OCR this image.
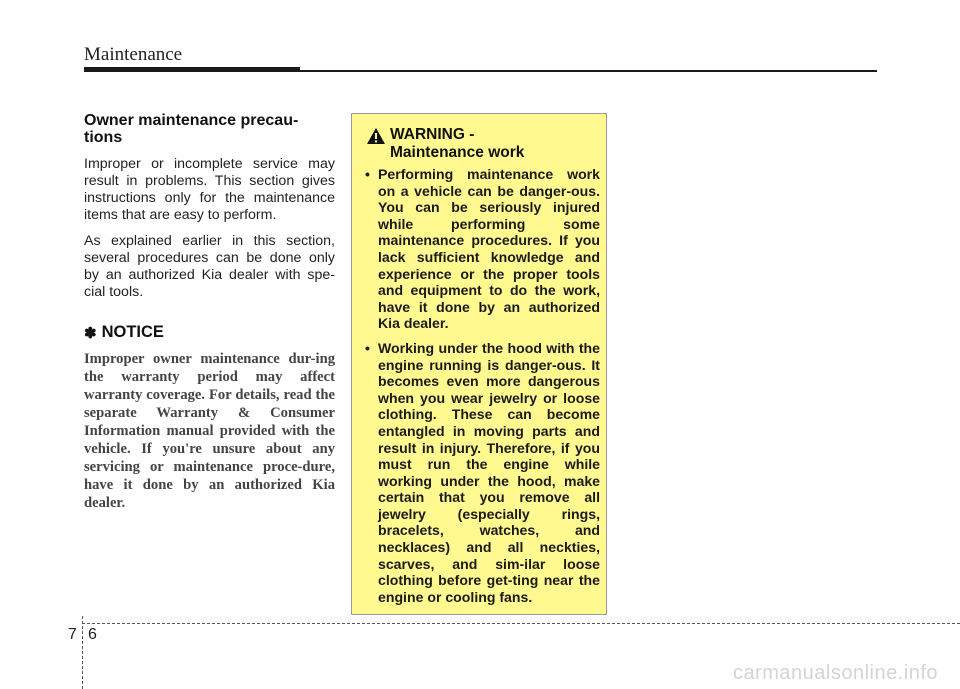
Maintenance
Owner maintenance precau-
tions

Improper or incomplete service may result in problems. This section gives instructions only for the maintenance items that are easy to perform.

As explained earlier in this section, several procedures can be done only by an authorized Kia dealer with spe-cial tools.

✽ NOTICE

Improper owner maintenance dur-ing the warranty period may affect warranty coverage. For details, read the separate Warranty & Consumer Information manual provided with the vehicle. If you're unsure about any servicing or maintenance proce-dure, have it done by an authorized Kia dealer.

WARNING -
Maintenance work
• Performing maintenance work on a vehicle can be danger-ous. You can be seriously injured while performing some maintenance procedures. If you lack sufficient knowledge and experience or the proper tools and equipment to do the work, have it done by an authorized Kia dealer.
• Working under the hood with the engine running is danger-ous. It becomes even more dangerous when you wear jewelry or loose clothing. These can become entangled in moving parts and result in injury. Therefore, if you must run the engine while working under the hood, make certain that you remove all jewelry (especially rings, bracelets, watches, and necklaces) and all neckties, scarves, and sim-ilar loose clothing before get-ting near the engine or cooling fans.
7 6
carmanualsonline.info
